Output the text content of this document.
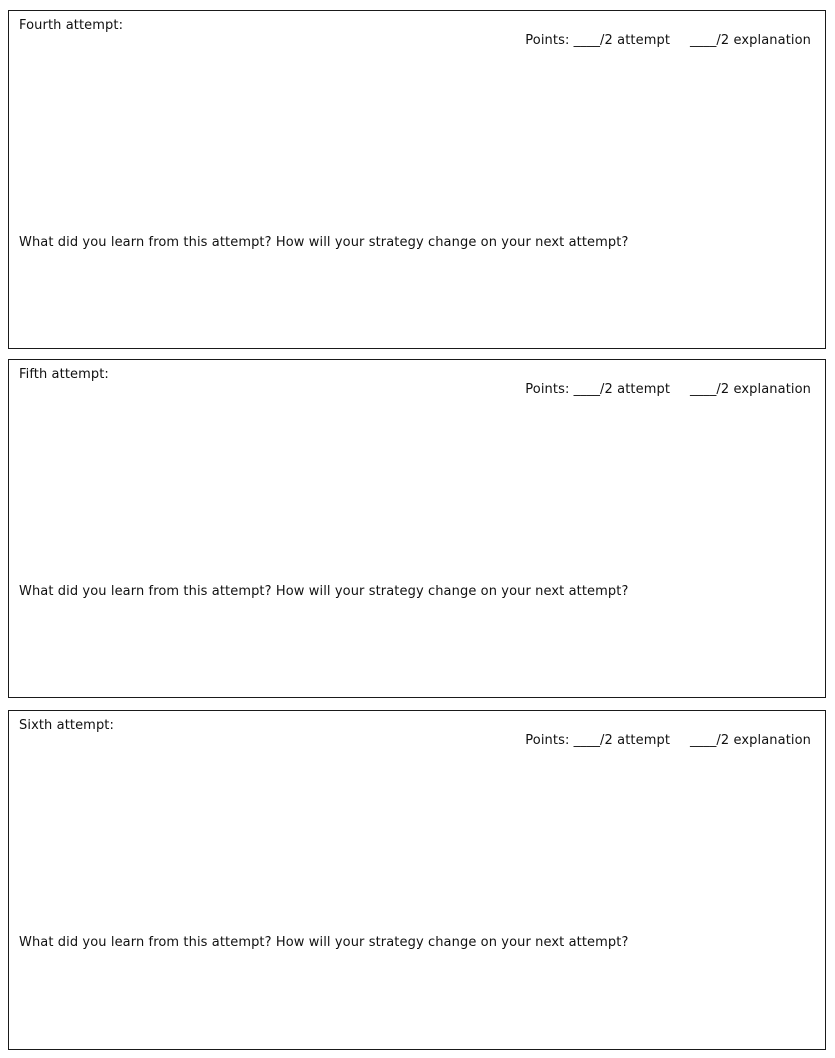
Fourth attempt:

Points: ____/2 attempt ____/2 explanation

What did you learn from this attempt? How will your strategy change on your next attempt?
Fifth attempt:

Points: ____/2 attempt ____/2 explanation

What did you learn from this attempt? How will your strategy change on your next attempt?
Sixth attempt:

Points: ____/2 attempt ____/2 explanation

What did you learn from this attempt? How will your strategy change on your next attempt?
